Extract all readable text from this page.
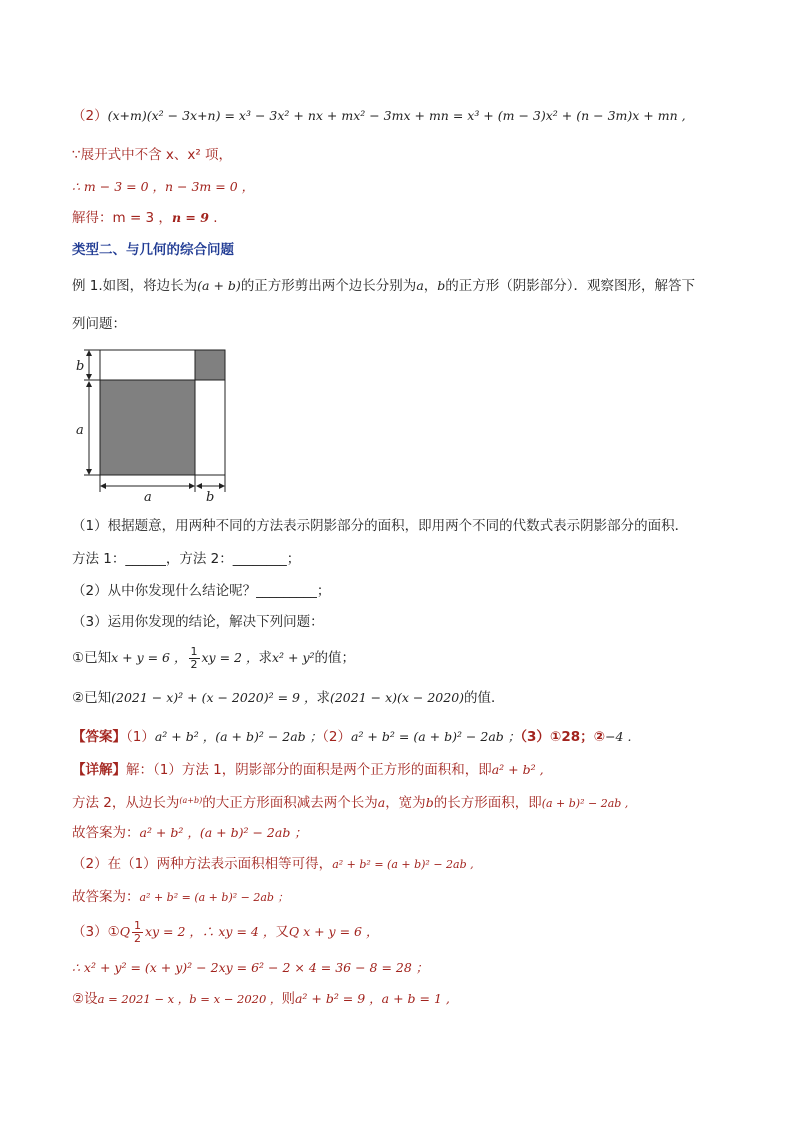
（2）(x+m)(x² − 3x+n) = x³ − 3x² + nx + mx² − 3mx + mn = x³ + (m − 3)x² + (n − 3m)x + mn ,
∵展开式中不含 x、x² 项，
∴ m − 3 = 0 ，n − 3m = 0 ，
解得：m = 3 ，n = 9 .
类型二、与几何的综合问题
例 1.如图，将边长为(a + b)的正方形剪出两个边长分别为a，b的正方形（阴影部分）．观察图形，解答下
列问题：
b
a
a	b
（1）根据题意，用两种不同的方法表示阴影部分的面积，即用两个不同的代数式表示阴影部分的面积．
方法 1：______，方法 2：________；
（2）从中你发现什么结论呢？_________；
（3）运用你发现的结论，解决下列问题：
①已知x + y = 6 ， $\frac{1}{2}$ xy = 2 ，求x² + y²的值；
②已知(2021 − x)² + (x − 2020)² = 9 ，求(2021 − x)(x − 2020)的值．
【答案】（1）a² + b² ，(a + b)² − 2ab ；（2）a² + b² = (a + b)² − 2ab ；（3）①28；②−4 .
【详解】解：（1）方法 1，阴影部分的面积是两个正方形的面积和，即a² + b² ,
方法 2，从边长为$^{(a+b)}$的大正方形面积减去两个长为a，宽为b的长方形面积，即(a + b)² − 2ab ,
故答案为：a² + b² ，(a + b)² − 2ab ；
（2）在（1）两种方法表示面积相等可得，a² + b² = (a + b)² − 2ab ,
故答案为：a² + b² = (a + b)² − 2ab ；
（3）①Q $\frac{1}{2}$ xy = 2 ，∴ xy = 4 ，又Q x + y = 6 ，
∴ x² + y² = (x + y)² − 2xy = 6² − 2 × 4 = 36 − 8 = 28 ；
②设a = 2021 − x ，b = x − 2020 ，则a² + b² = 9 ，a + b = 1 ,
